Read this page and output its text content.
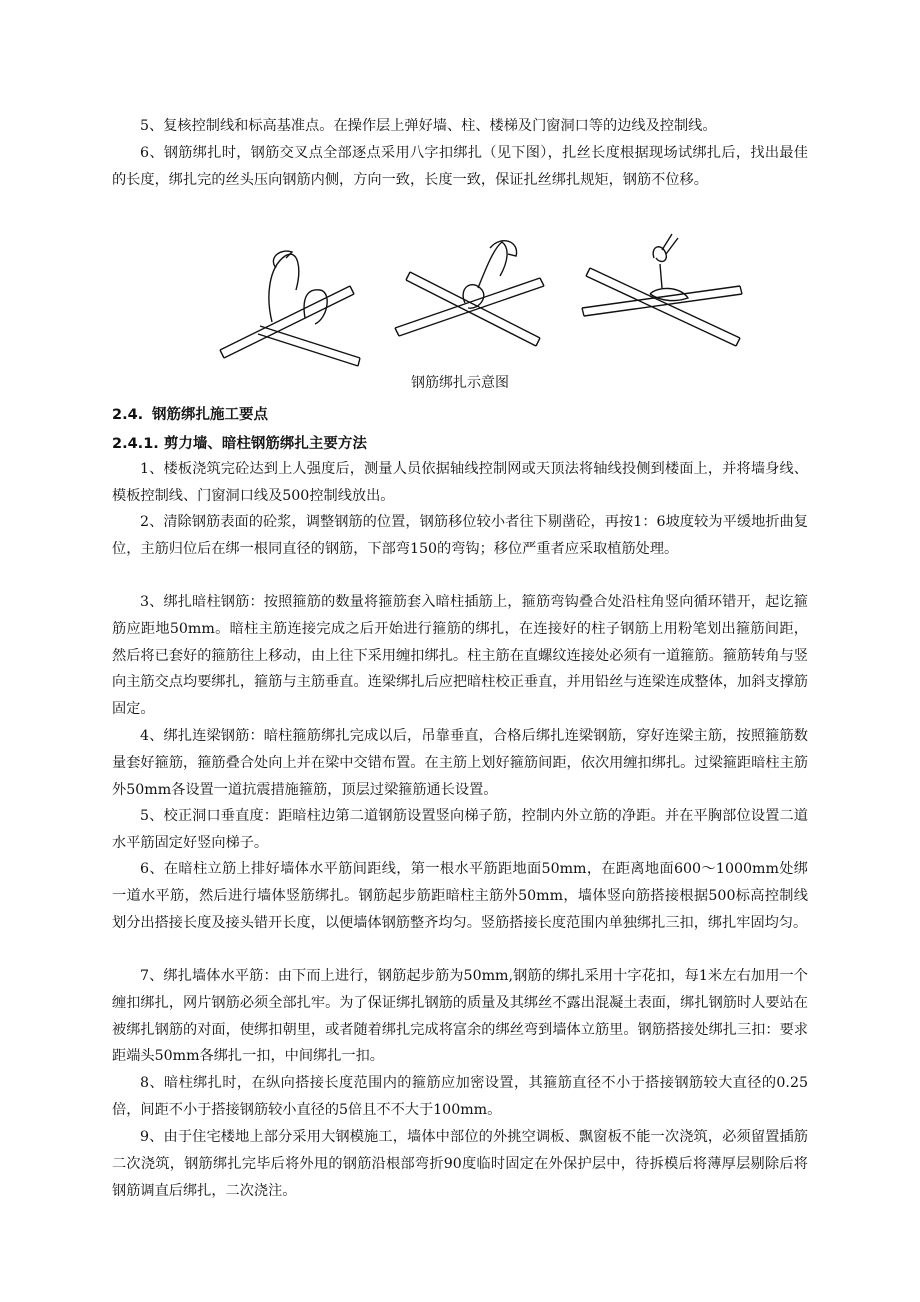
5、复核控制线和标高基准点。在操作层上弹好墙、柱、楼梯及门窗洞口等的边线及控制线。

6、钢筋绑扎时，钢筋交叉点全部逐点采用八字扣绑扎（见下图），扎丝长度根据现场试绑扎后，找出最佳的长度，绑扎完的丝头压向钢筋内侧，方向一致，长度一致，保证扎丝绑扎规矩，钢筋不位移。

钢筋绑扎示意图
2.4. 钢筋绑扎施工要点
2.4.1. 剪力墙、暗柱钢筋绑扎主要方法

1、楼板浇筑完砼达到上人强度后，测量人员依据轴线控制网或天顶法将轴线投侧到楼面上，并将墙身线、模板控制线、门窗洞口线及500控制线放出。

2、清除钢筋表面的砼浆，调整钢筋的位置，钢筋移位较小者往下剔凿砼，再按1：6坡度较为平缓地折曲复位，主筋归位后在绑一根同直径的钢筋，下部弯150的弯钩；移位严重者应采取植筋处理。

3、绑扎暗柱钢筋：按照箍筋的数量将箍筋套入暗柱插筋上，箍筋弯钩叠合处沿柱角竖向循环错开，起讫箍筋应距地50mm。暗柱主筋连接完成之后开始进行箍筋的绑扎，在连接好的柱子钢筋上用粉笔划出箍筋间距，然后将已套好的箍筋往上移动，由上往下采用缠扣绑扎。柱主筋在直螺纹连接处必须有一道箍筋。箍筋转角与竖向主筋交点均要绑扎，箍筋与主筋垂直。连梁绑扎后应把暗柱校正垂直，并用铅丝与连梁连成整体，加斜支撑筋固定。

4、绑扎连梁钢筋：暗柱箍筋绑扎完成以后，吊靠垂直，合格后绑扎连梁钢筋，穿好连梁主筋，按照箍筋数量套好箍筋，箍筋叠合处向上并在梁中交错布置。在主筋上划好箍筋间距，依次用缠扣绑扎。过梁箍距暗柱主筋外50mm各设置一道抗震措施箍筋，顶层过梁箍筋通长设置。

5、校正洞口垂直度：距暗柱边第二道钢筋设置竖向梯子筋，控制内外立筋的净距。并在平胸部位设置二道水平筋固定好竖向梯子。

6、在暗柱立筋上排好墙体水平筋间距线，第一根水平筋距地面50mm，在距离地面600～1000mm处绑一道水平筋，然后进行墙体竖筋绑扎。钢筋起步筋距暗柱主筋外50mm，墙体竖向筋搭接根据500标高控制线划分出搭接长度及接头错开长度，以便墙体钢筋整齐均匀。竖筋搭接长度范围内单独绑扎三扣，绑扎牢固均匀。

7、绑扎墙体水平筋：由下而上进行，钢筋起步筋为50mm,钢筋的绑扎采用十字花扣，每1米左右加用一个缠扣绑扎，网片钢筋必须全部扎牢。为了保证绑扎钢筋的质量及其绑丝不露出混凝土表面，绑扎钢筋时人要站在被绑扎钢筋的对面，使绑扣朝里，或者随着绑扎完成将富余的绑丝弯到墙体立筋里。钢筋搭接处绑扎三扣：要求距端头50mm各绑扎一扣，中间绑扎一扣。

8、暗柱绑扎时，在纵向搭接长度范围内的箍筋应加密设置，其箍筋直径不小于搭接钢筋较大直径的0.25倍，间距不小于搭接钢筋较小直径的5倍且不不大于100mm。

9、由于住宅楼地上部分采用大钢模施工，墙体中部位的外挑空调板、飘窗板不能一次浇筑，必须留置插筋二次浇筑，钢筋绑扎完毕后将外甩的钢筋沿根部弯折90度临时固定在外保护层中，待拆模后将薄厚层剔除后将钢筋调直后绑扎，二次浇注。
